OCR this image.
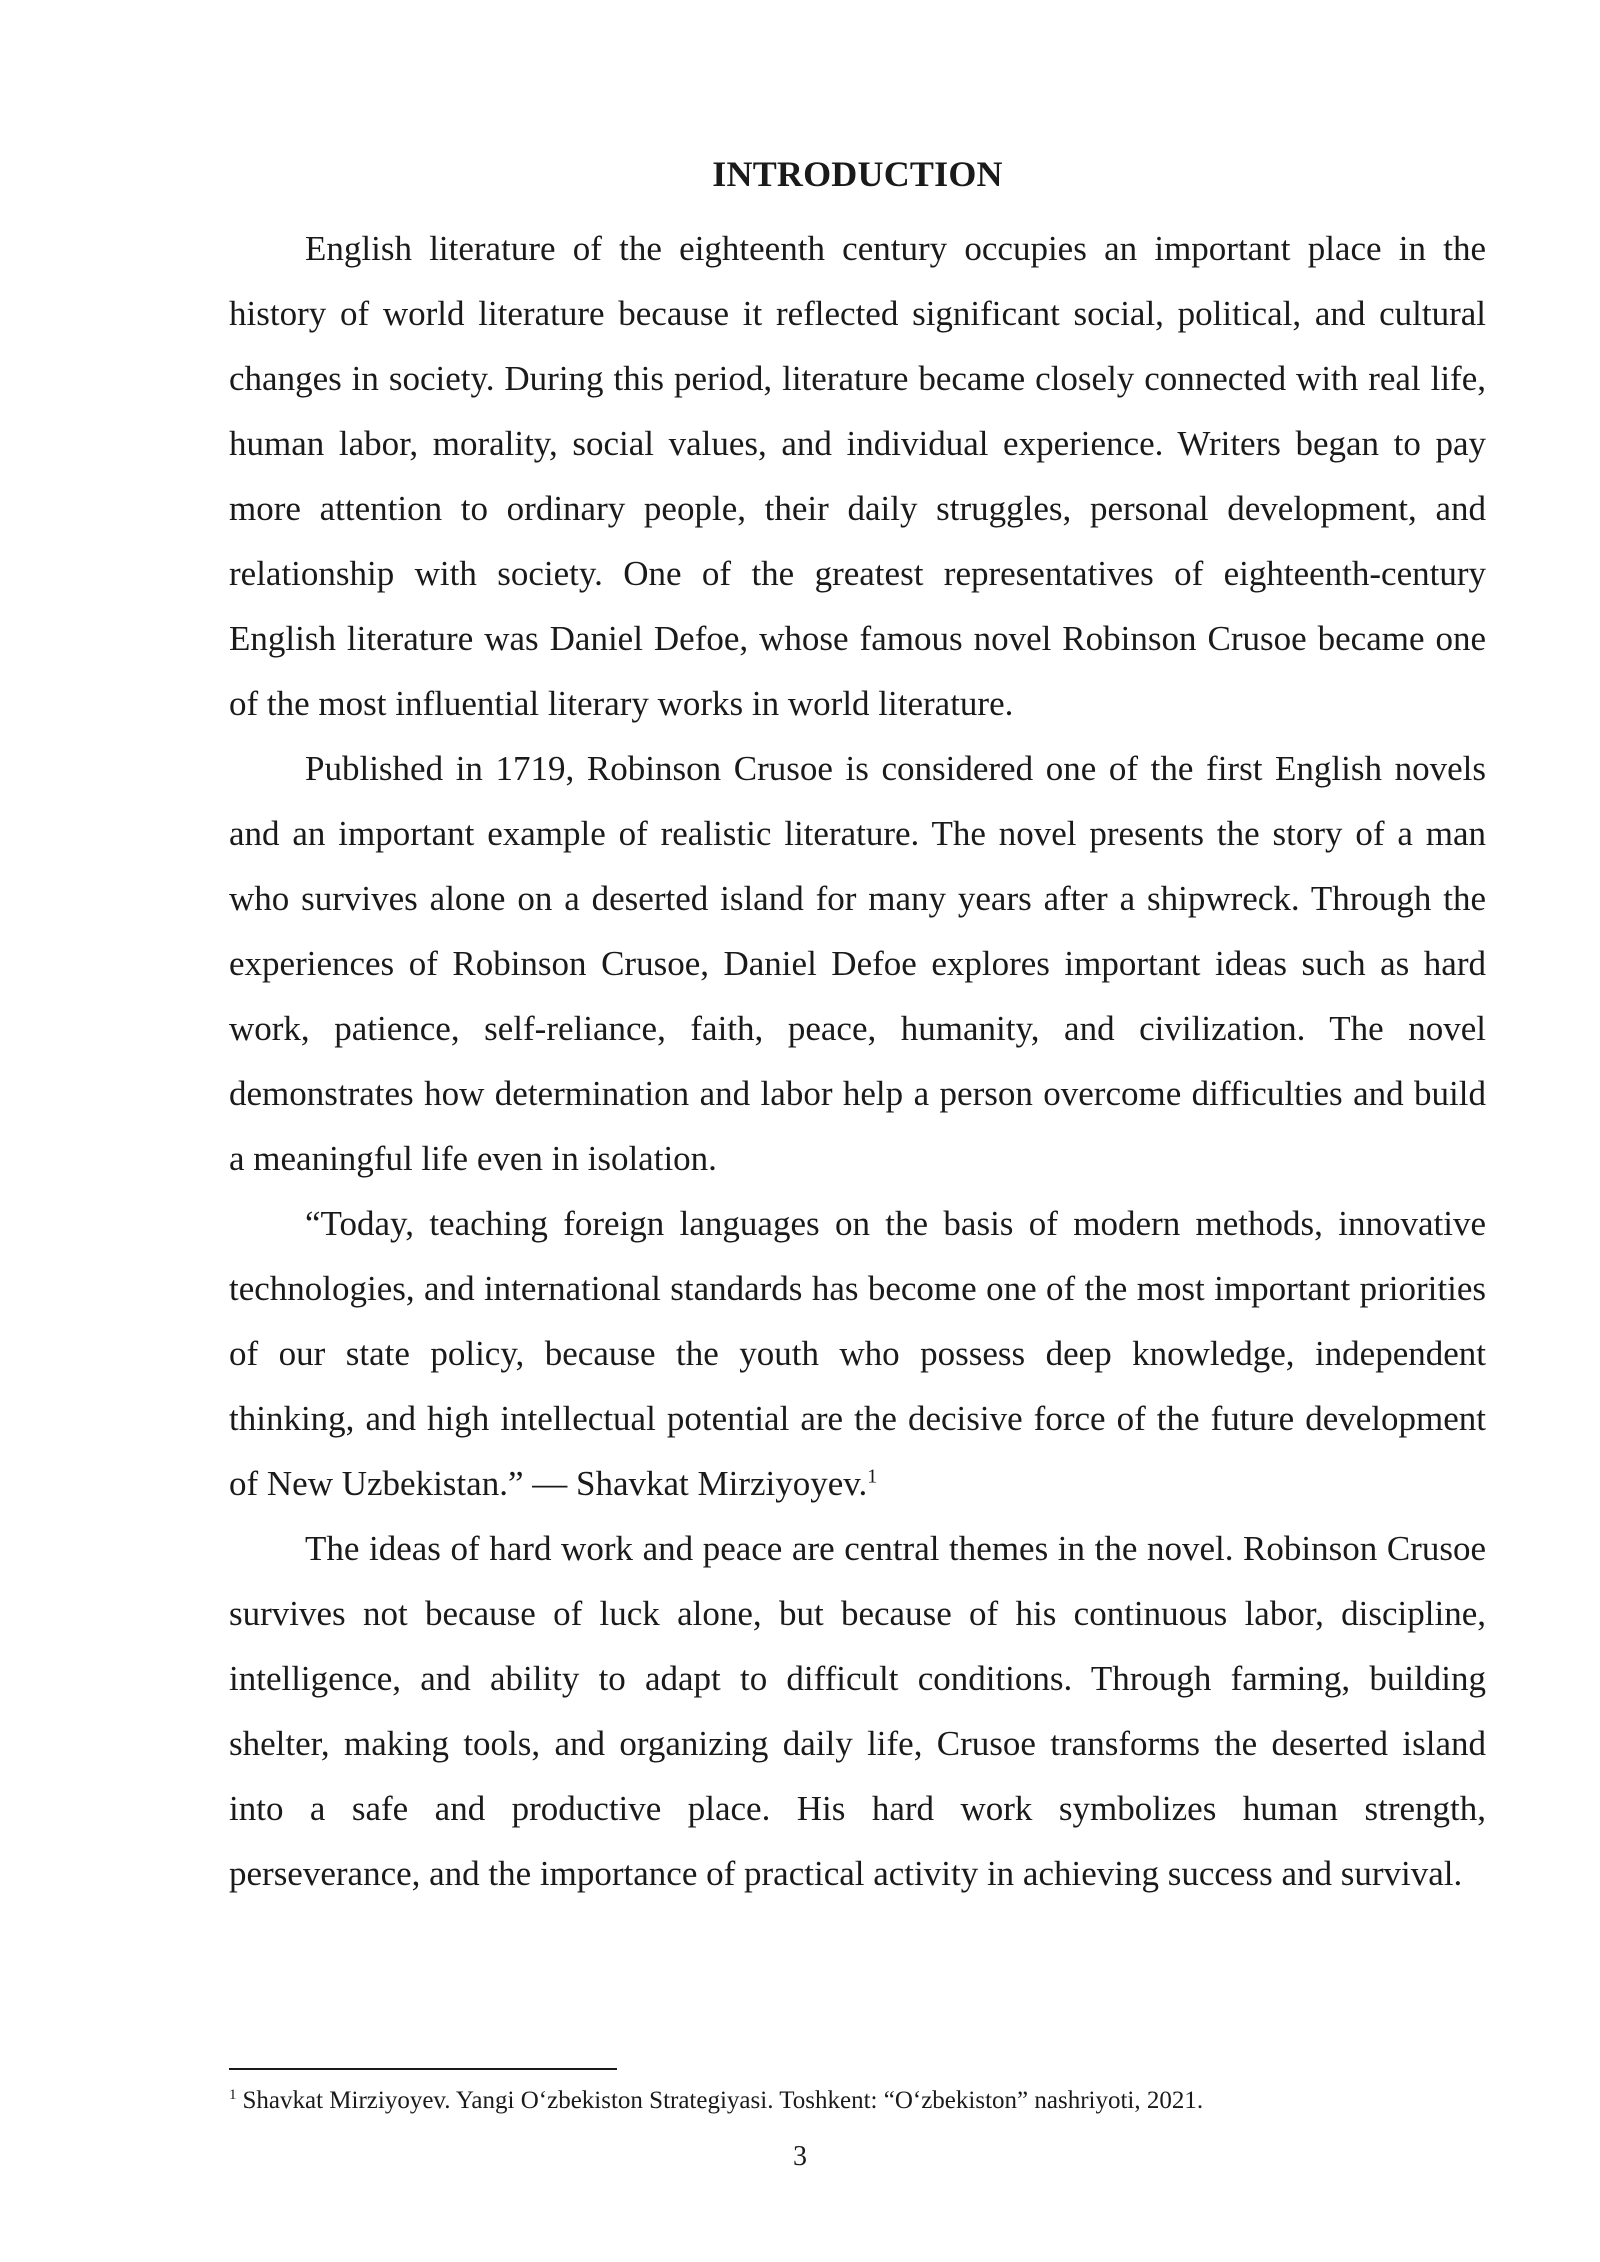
INTRODUCTION

English literature of the eighteenth century occupies an important place in the history of world literature because it reflected significant social, political, and cultural changes in society. During this period, literature became closely connected with real life, human labor, morality, social values, and individual experience. Writers began to pay more attention to ordinary people, their daily struggles, personal development, and relationship with society. One of the greatest representatives of eighteenth-century English literature was Daniel Defoe, whose famous novel Robinson Crusoe became one of the most influential literary works in world literature.

Published in 1719, Robinson Crusoe is considered one of the first English novels and an important example of realistic literature. The novel presents the story of a man who survives alone on a deserted island for many years after a shipwreck. Through the experiences of Robinson Crusoe, Daniel Defoe explores important ideas such as hard work, patience, self-reliance, faith, peace, humanity, and civilization. The novel demonstrates how determination and labor help a person overcome difficulties and build a meaningful life even in isolation.

“Today, teaching foreign languages on the basis of modern methods, innovative technologies, and international standards has become one of the most important priorities of our state policy, because the youth who possess deep knowledge, independent thinking, and high intellectual potential are the decisive force of the future development of New Uzbekistan.” — Shavkat Mirziyoyev.$^1$

The ideas of hard work and peace are central themes in the novel. Robinson Crusoe survives not because of luck alone, but because of his continuous labor, discipline, intelligence, and ability to adapt to difficult conditions. Through farming, building shelter, making tools, and organizing daily life, Crusoe transforms the deserted island into a safe and productive place. His hard work symbolizes human strength, perseverance, and the importance of practical activity in achieving success and survival.

$^1$ Shavkat Mirziyoyev. Yangi O‘zbekiston Strategiyasi. Toshkent: “O‘zbekiston” nashriyoti, 2021.
3
